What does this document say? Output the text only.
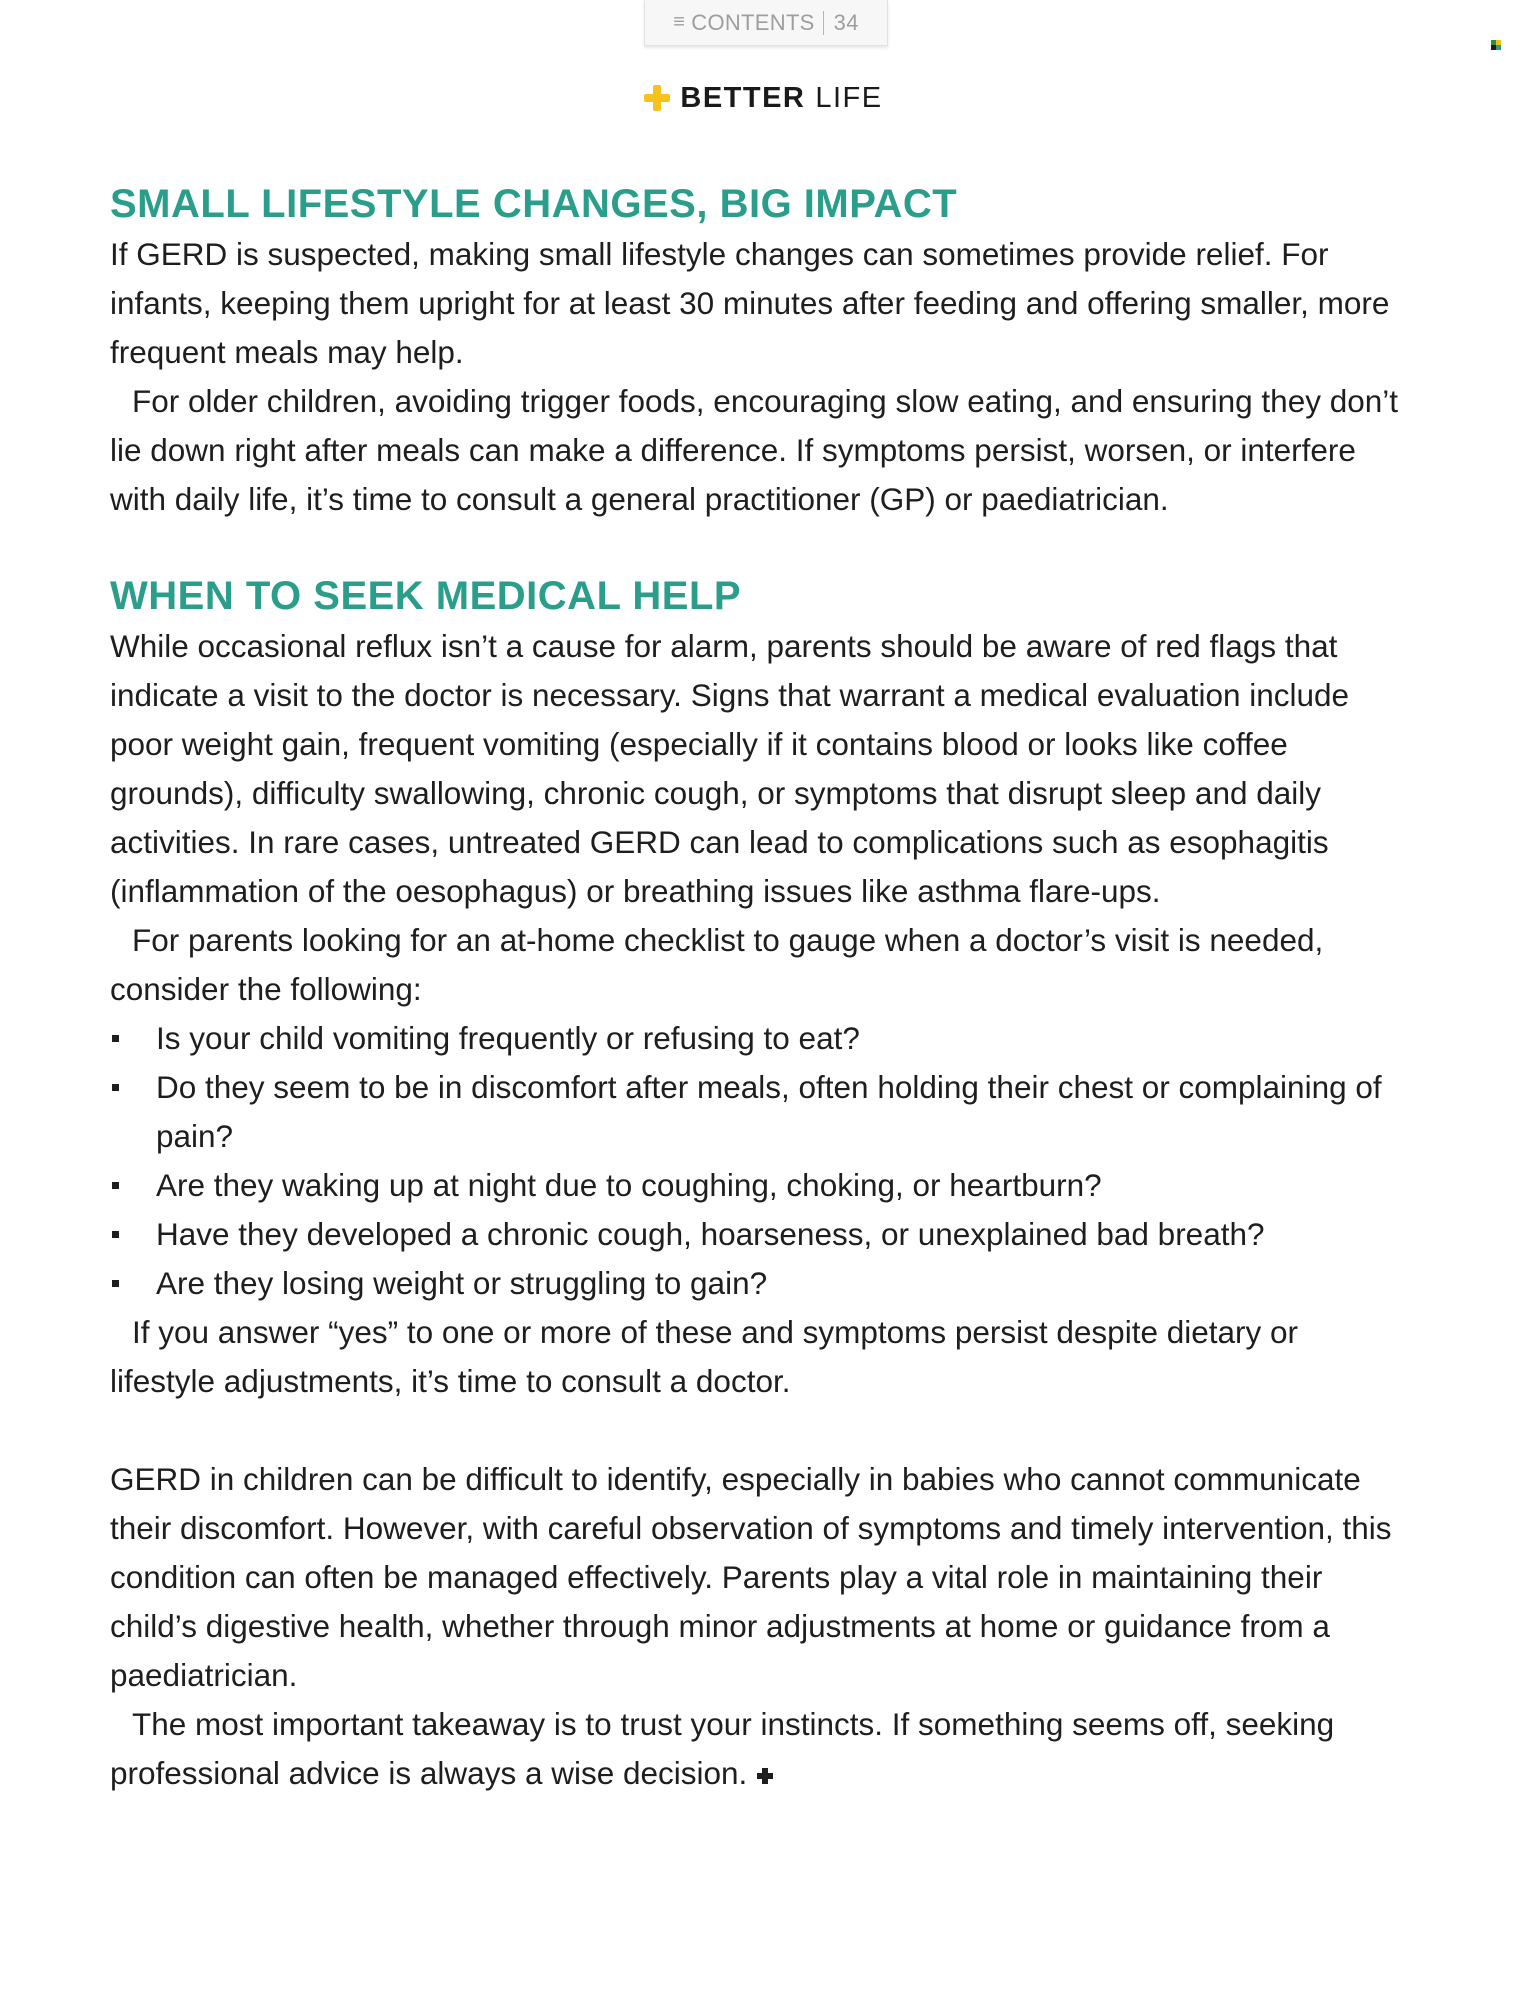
≡ CONTENTS 34
BETTER LIFE
SMALL LIFESTYLE CHANGES, BIG IMPACT

If GERD is suspected, making small lifestyle changes can sometimes provide relief. For infants, keeping them upright for at least 30 minutes after feeding and offering smaller, more frequent meals may help.

For older children, avoiding trigger foods, encouraging slow eating, and ensuring they don’t lie down right after meals can make a difference. If symptoms persist, worsen, or interfere with daily life, it’s time to consult a general practitioner (GP) or paediatrician.

WHEN TO SEEK MEDICAL HELP

While occasional reflux isn’t a cause for alarm, parents should be aware of red flags that indicate a visit to the doctor is necessary. Signs that warrant a medical evaluation include poor weight gain, frequent vomiting (especially if it contains blood or looks like coffee grounds), difficulty swallowing, chronic cough, or symptoms that disrupt sleep and daily activities. In rare cases, untreated GERD can lead to complications such as esophagitis (inflammation of the oesophagus) or breathing issues like asthma flare-ups.

For parents looking for an at-home checklist to gauge when a doctor’s visit is needed, consider the following:

Is your child vomiting frequently or refusing to eat?
Do they seem to be in discomfort after meals, often holding their chest or complaining of pain?
Are they waking up at night due to coughing, choking, or heartburn?
Have they developed a chronic cough, hoarseness, or unexplained bad breath?
Are they losing weight or struggling to gain?

If you answer “yes” to one or more of these and symptoms persist despite dietary or lifestyle adjustments, it’s time to consult a doctor.

GERD in children can be difficult to identify, especially in babies who cannot communicate their discomfort. However, with careful observation of symptoms and timely intervention, this condition can often be managed effectively. Parents play a vital role in maintaining their child’s digestive health, whether through minor adjustments at home or guidance from a paediatrician.

The most important takeaway is to trust your instincts. If something seems off, seeking professional advice is always a wise decision.
